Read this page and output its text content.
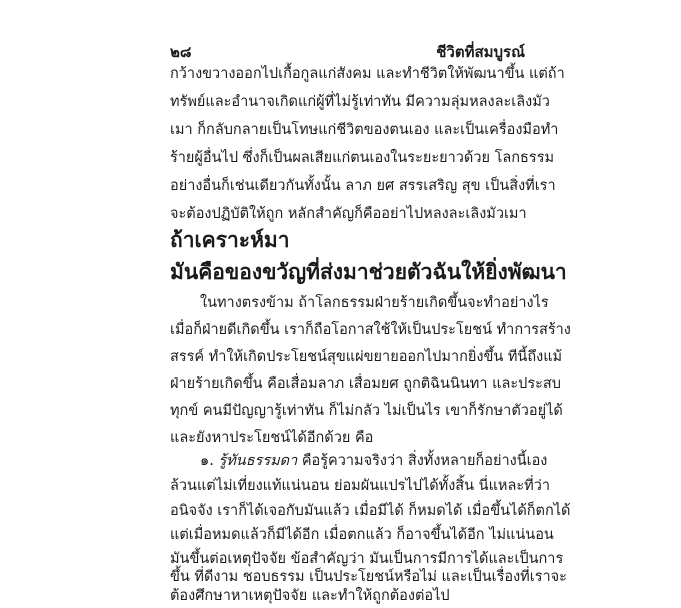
๒๘	ชีวิตที่สมบูรณ์
กว้างขวางออกไปเกื้อกูลแก่สังคม และทำชีวิตให้พัฒนาขึ้น แต่ถ้า
ทรัพย์และอำนาจเกิดแก่ผู้ที่ไม่รู้เท่าทัน มีความลุ่มหลงละเลิงมัว
เมา ก็กลับกลายเป็นโทษแก่ชีวิตของตนเอง และเป็นเครื่องมือทำ
ร้ายผู้อื่นไป ซึ่งก็เป็นผลเสียแก่ตนเองในระยะยาวด้วย โลกธรรม
อย่างอื่นก็เช่นเดียวกันทั้งนั้น ลาภ ยศ สรรเสริญ สุข เป็นสิ่งที่เรา
จะต้องปฏิบัติให้ถูก หลักสำคัญก็คืออย่าไปหลงละเลิงมัวเมา
ถ้าเคราะห์มา
มันคือของขวัญที่ส่งมาช่วยตัวฉันให้ยิ่งพัฒนา
ในทางตรงข้าม ถ้าโลกธรรมฝ่ายร้ายเกิดขึ้นจะทำอย่างไร
เมื่อก็ฝ่ายดีเกิดขึ้น เราก็ถือโอกาสใช้ให้เป็นประโยชน์ ทำการสร้าง
สรรค์ ทำให้เกิดประโยชน์สุขแผ่ขยายออกไปมากยิ่งขึ้น ทีนี้ถึงแม้
ฝ่ายร้ายเกิดขึ้น คือเสื่อมลาภ เสื่อมยศ ถูกติฉินนินทา และประสบ
ทุกข์ คนมีปัญญารู้เท่าทัน ก็ไม่กลัว ไม่เป็นไร เขาก็รักษาตัวอยู่ได้
และยังหาประโยชน์ได้อีกด้วย คือ
๑. รู้ทันธรรมดา คือรู้ความจริงว่า สิ่งทั้งหลายก็อย่างนี้เอง
ล้วนแต่ไม่เที่ยงแท้แน่นอน ย่อมผันแปรไปได้ทั้งสิ้น นี่แหละที่ว่า
อนิจจัง เราก็ได้เจอกับมันแล้ว เมื่อมีได้ ก็หมดได้ เมื่อขึ้นได้ก็ตกได้
แต่เมื่อหมดแล้วก็มีได้อีก เมื่อตกแล้ว ก็อาจขึ้นได้อีก ไม่แน่นอน
มันขึ้นต่อเหตุปัจจัย ข้อสำคัญว่า มันเป็นการมีการได้และเป็นการ
ขึ้น ที่ดีงาม ชอบธรรม เป็นประโยชน์หรือไม่ และเป็นเรื่องที่เราจะ
ต้องศึกษาหาเหตุปัจจัย และทำให้ถูกต้องต่อไป
